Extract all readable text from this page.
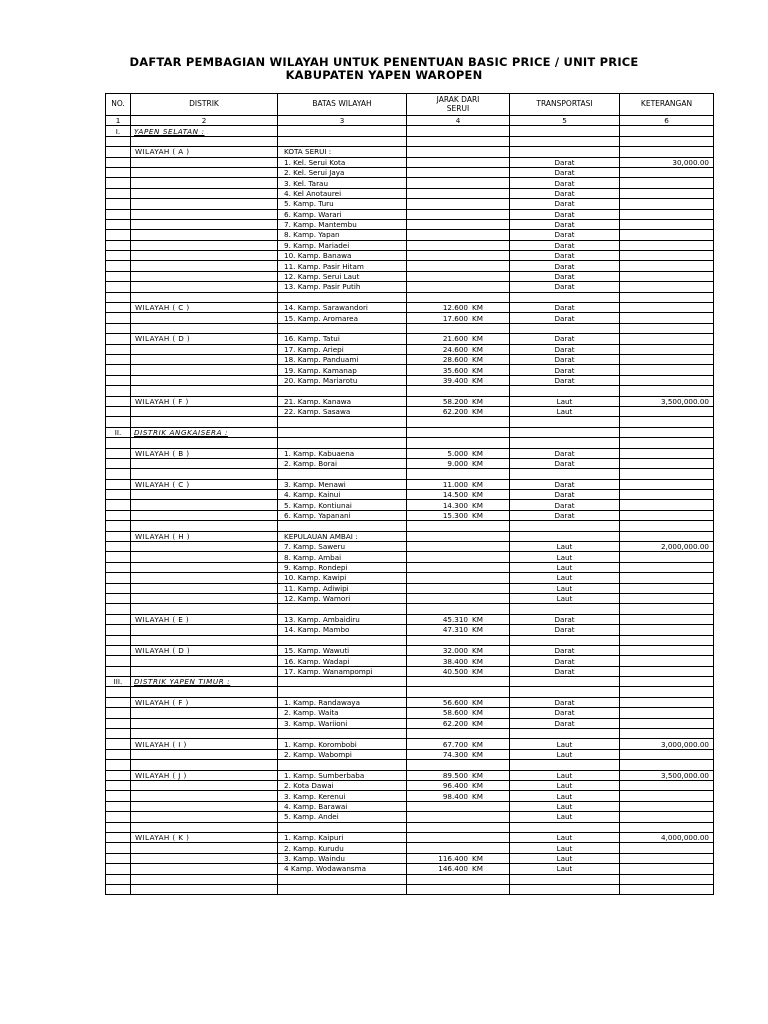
DAFTAR PEMBAGIAN WILAYAH UNTUK PENENTUAN BASIC PRICE / UNIT PRICE
KABUPATEN YAPEN WAROPEN
NO.	DISTRIK	BATAS WILAYAH	JARAK DARI SERUI	TRANSPORTASI	KETERANGAN
1	2	3	4	5	6
I.	YAPEN SELATAN :				

	WILAYAH ( A )	KOTA SERUI :			
		1. Kel. Serui Kota		Darat	30,000.00
		2. Kel. Serui Jaya		Darat	
		3. Kel. Tarau		Darat	
		4. Kel Anotaurei		Darat	
		5. Kamp. Turu		Darat	
		6. Kamp. Warari		Darat	
		7. Kamp. Mantembu		Darat	
		8. Kamp. Yapan		Darat	
		9. Kamp. Mariadei		Darat	
		10. Kamp. Banawa		Darat	
		11. Kamp. Pasir Hitam		Darat	
		12. Kamp. Serui Laut		Darat	
		13. Kamp. Pasir Putih		Darat	

	WILAYAH ( C )	14. Kamp. Sarawandori	12.600 KM	Darat	
		15. Kamp. Aromarea	17.600 KM	Darat	

	WILAYAH ( D )	16. Kamp. Tatui	21.600 KM	Darat	
		17. Kamp. Ariepi	24.600 KM	Darat	
		18. Kamp. Panduami	28.600 KM	Darat	
		19. Kamp. Kamanap	35.600 KM	Darat	
		20. Kamp. Mariarotu	39.400 KM	Darat	

	WILAYAH ( F )	21. Kamp. Kanawa	58.200 KM	Laut	3,500,000.00
		22. Kamp. Sasawa	62.200 KM	Laut	

II.	DISTRIK ANGKAISERA :				

	WILAYAH ( B )	1. Kamp. Kabuaena	5.000 KM	Darat	
		2. Kamp. Borai	9.000 KM	Darat	

	WILAYAH ( C )	3. Kamp. Menawi	11.000 KM	Darat	
		4. Kamp. Kainui	14.500 KM	Darat	
		5. Kamp. Kontiunai	14.300 KM	Darat	
		6. Kamp. Yapanani	15.300 KM	Darat	

	WILAYAH ( H )	KEPULAUAN AMBAI :			
		7. Kamp. Saweru		Laut	2,000,000.00
		8. Kamp. Ambai		Laut	
		9. Kamp. Rondepi		Laut	
		10. Kamp. Kawipi		Laut	
		11. Kamp. Adiwipi		Laut	
		12. Kamp. Wamori		Laut	

	WILAYAH ( E )	13. Kamp. Ambaidiru	45.310 KM	Darat	
		14. Kamp. Mambo	47.310 KM	Darat	

	WILAYAH ( D )	15. Kamp. Wawuti	32.000 KM	Darat	
		16. Kamp. Wadapi	38.400 KM	Darat	
		17. Kamp. Wanampompi	40.500 KM	Darat	
III.	DISTRIK YAPEN TIMUR :				

	WILAYAH ( F )	1. Kamp. Randawaya	56.600 KM	Darat	
		2. Kamp. Waita	58.600 KM	Darat	
		3. Kamp. Wariioni	62.200 KM	Darat	

	WILAYAH ( I )	1. Kamp. Korombobi	67.700 KM	Laut	3,000,000.00
		2. Kamp. Wabompi	74.300 KM	Laut	

	WILAYAH ( J )	1. Kamp. Sumberbaba	89.500 KM	Laut	3,500,000.00
		2. Kota Dawai	96.400 KM	Laut	
		3. Kamp. Kerenui	98.400 KM	Laut	
		4. Kamp. Barawai		Laut	
		5. Kamp. Andei		Laut	

	WILAYAH ( K )	1. Kamp. Kaipuri		Laut	4,000,000.00
		2. Kamp. Kurudu		Laut	
		3. Kamp. Waindu	116.400 KM	Laut	
		4 Kamp. Wodawansma	146.400 KM	Laut	
